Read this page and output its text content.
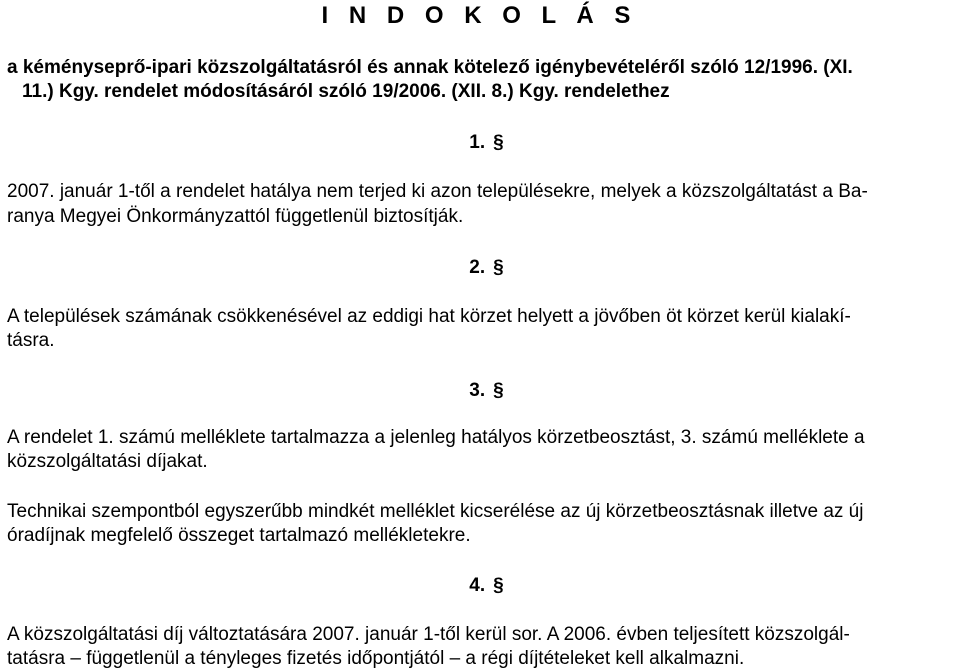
I N D O K O L Á S
a kéményseprő-ipari közszolgáltatásról és annak kötelező igénybevételéről szóló 12/1996. (XI.
11.) Kgy. rendelet módosításáról szóló 19/2006. (XII. 8.) Kgy. rendelethez
1. §
2007. január 1-től a rendelet hatálya nem terjed ki azon településekre, melyek a közszolgáltatást a Ba-
ranya Megyei Önkormányzattól függetlenül biztosítják.
2. §
A települések számának csökkenésével az eddigi hat körzet helyett a jövőben öt körzet kerül kialakí-
tásra.
3. §
A rendelet 1. számú melléklete tartalmazza a jelenleg hatályos körzetbeosztást, 3. számú melléklete a
közszolgáltatási díjakat.
Technikai szempontból egyszerűbb mindkét melléklet kicserélése az új körzetbeosztásnak illetve az új
óradíjnak megfelelő összeget tartalmazó mellékletekre.
4. §
A közszolgáltatási díj változtatására 2007. január 1-től kerül sor. A 2006. évben teljesített közszolgál-
tatásra – függetlenül a tényleges fizetés időpontjától – a régi díjtételeket kell alkalmazni.
